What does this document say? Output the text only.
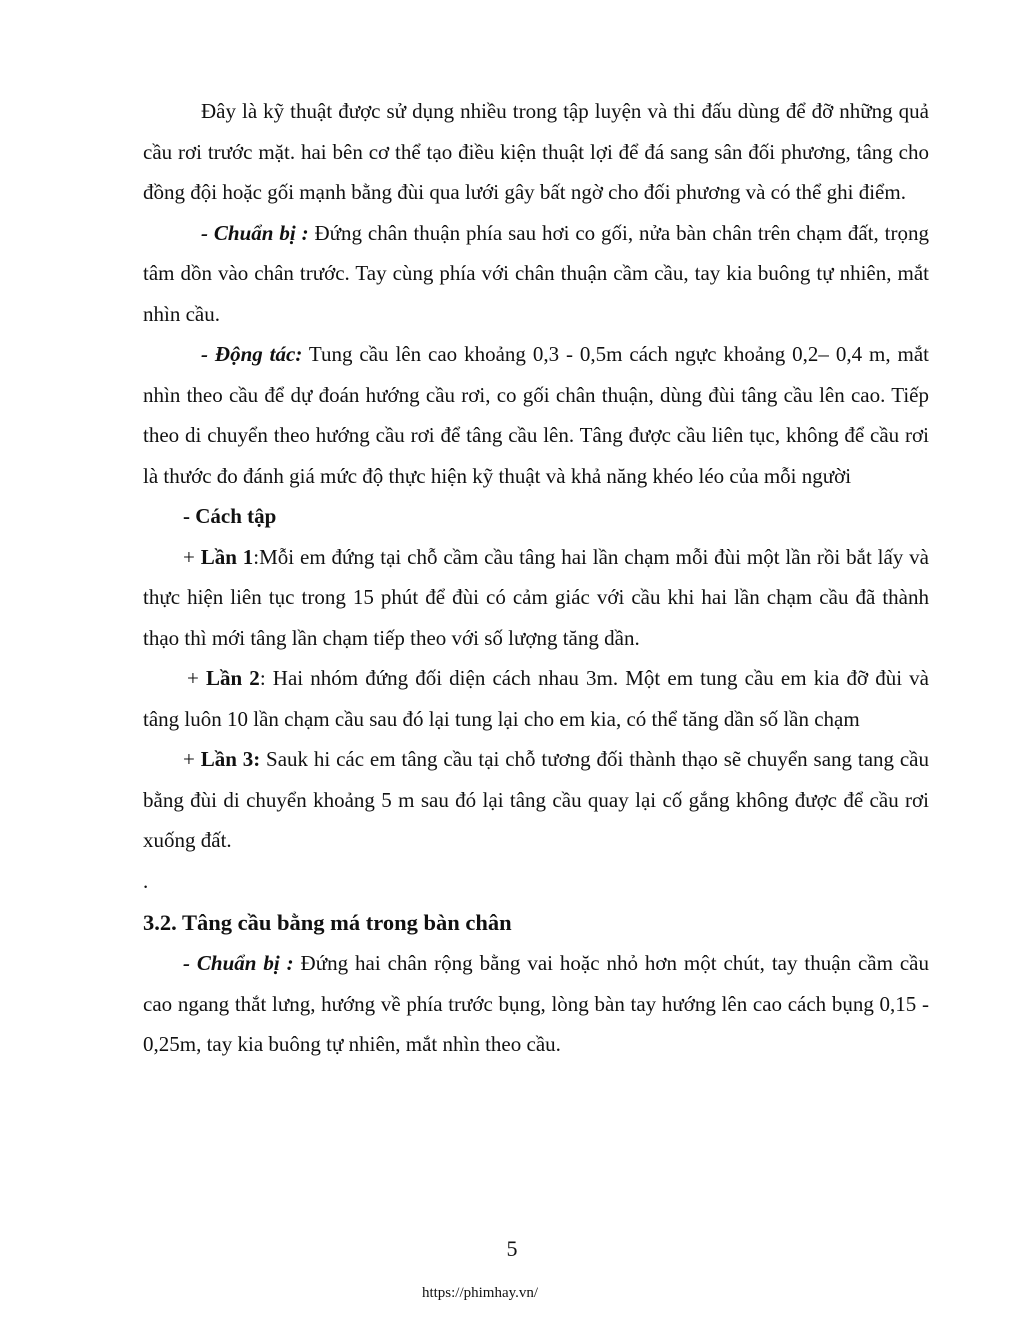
Đây là kỹ thuật được sử dụng nhiều trong tập luyện và thi đấu dùng để đỡ những quả cầu rơi trước mặt. hai bên cơ thể tạo điều kiện thuật lợi để đá sang sân đối phương, tâng cho đồng đội hoặc gối mạnh bằng đùi qua lưới gây bất ngờ cho đối phương và có thể ghi điểm.

- Chuẩn bị : Đứng chân thuận phía sau hơi co gối, nửa bàn chân trên chạm đất, trọng tâm dồn vào chân trước. Tay cùng phía với chân thuận cầm cầu, tay kia buông tự nhiên, mắt nhìn cầu.

- Động tác: Tung cầu lên cao khoảng 0,3 - 0,5m cách ngực khoảng 0,2– 0,4 m, mắt nhìn theo cầu để dự đoán hướng cầu rơi, co gối chân thuận, dùng đùi tâng cầu lên cao. Tiếp theo di chuyển theo hướng cầu rơi để tâng cầu lên. Tâng được cầu liên tục, không để cầu rơi là thước đo đánh giá mức độ thực hiện kỹ thuật và khả năng khéo léo của mỗi người

- Cách tập

+ Lần 1:Mỗi em đứng tại chỗ cầm cầu tâng hai lần chạm mỗi đùi một lần rồi bắt lấy và thực hiện liên tục trong 15 phút để đùi có cảm giác với cầu khi hai lần chạm cầu đã thành thạo thì mới tâng lần chạm tiếp theo với số lượng tăng dần.

+ Lần 2: Hai nhóm đứng đối diện cách nhau 3m. Một em tung cầu em kia đỡ đùi và tâng luôn 10 lần chạm cầu sau đó lại tung lại cho em kia, có thể tăng dần số lần chạm

+ Lần 3: Sauk hi các em tâng cầu tại chỗ tương đối thành thạo sẽ chuyển sang tang cầu bằng đùi di chuyển khoảng 5 m sau đó lại tâng cầu quay lại cố gắng không được để cầu rơi xuống đất.

.

3.2. Tâng cầu bằng má trong bàn chân

- Chuẩn bị : Đứng hai chân rộng bằng vai hoặc nhỏ hơn một chút, tay thuận cầm cầu cao ngang thắt lưng, hướng về phía trước bụng, lòng bàn tay hướng lên cao cách bụng 0,15 - 0,25m, tay kia buông tự nhiên, mắt nhìn theo cầu.

5
https://phimhay.vn/
